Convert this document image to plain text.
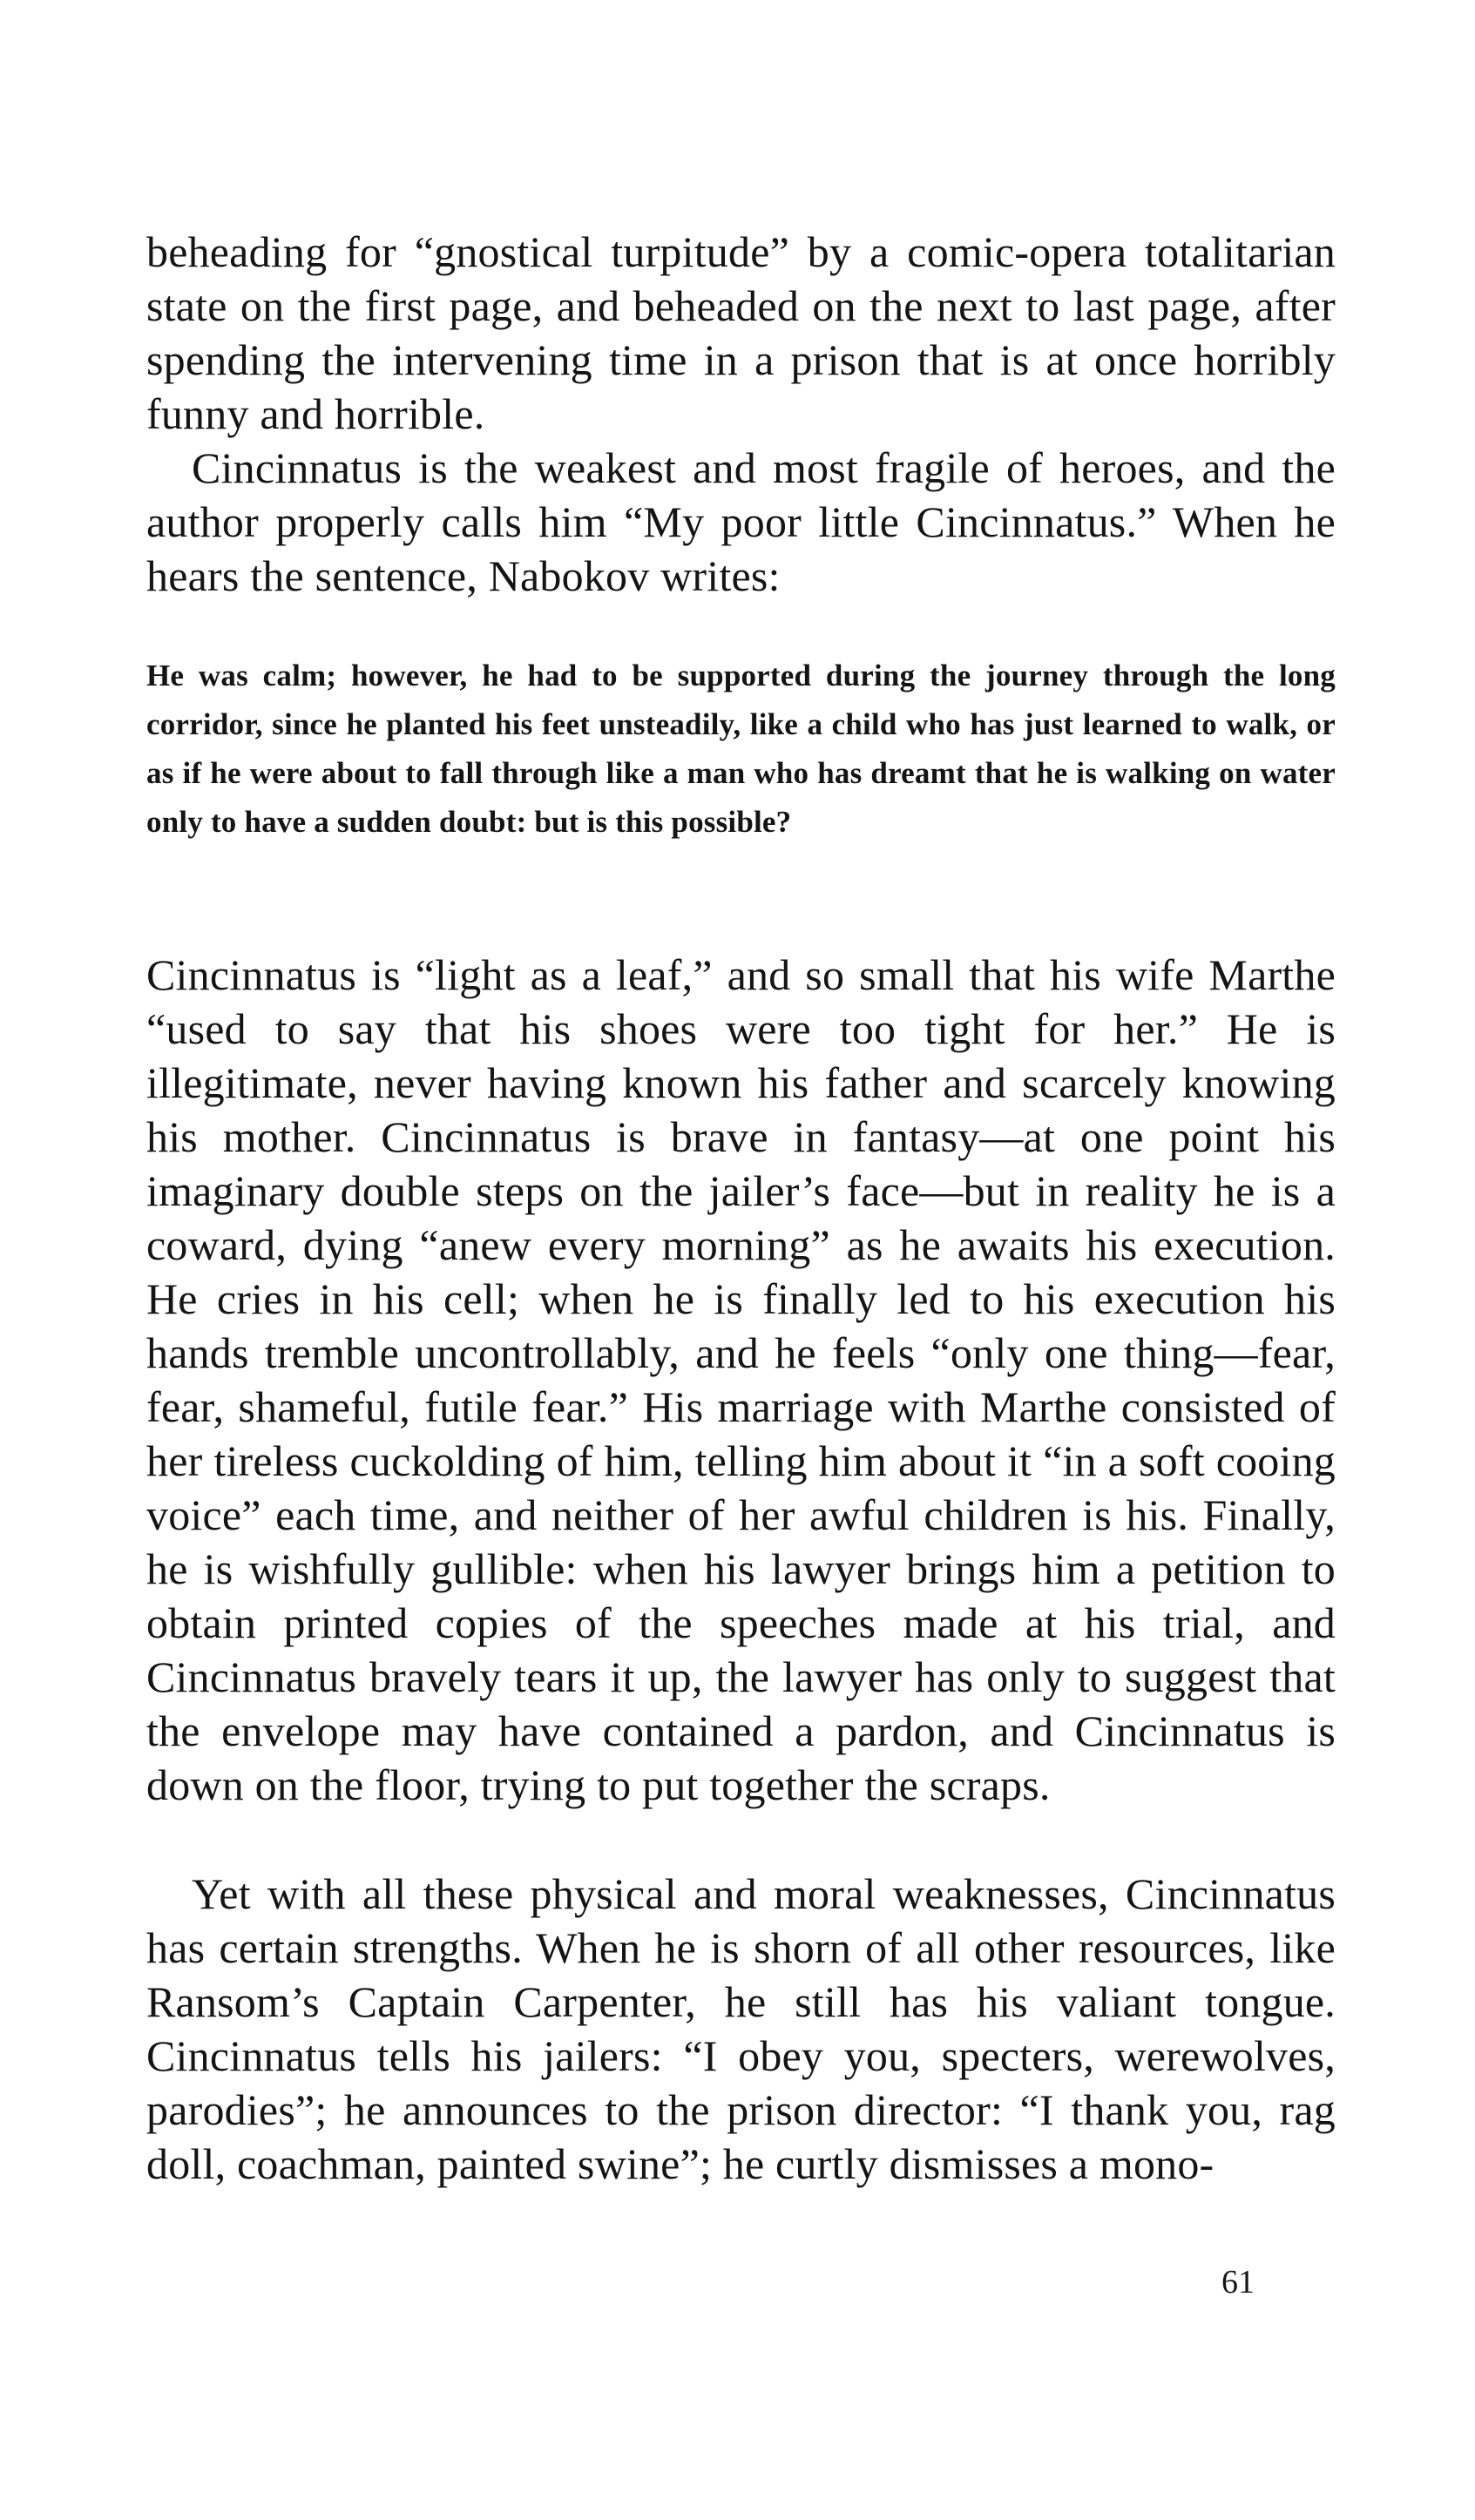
beheading for “gnostical turpitude” by a comic-opera totalitarian state on the first page, and beheaded on the next to last page, after spending the intervening time in a prison that is at once horribly funny and horrible.

Cincinnatus is the weakest and most fragile of heroes, and the author properly calls him “My poor little Cincinnatus.” When he hears the sentence, Nabokov writes:

He was calm; however, he had to be supported during the journey through the long corridor, since he planted his feet unsteadily, like a child who has just learned to walk, or as if he were about to fall through like a man who has dreamt that he is walking on water only to have a sudden doubt: but is this possible?

Cincinnatus is “light as a leaf,” and so small that his wife Marthe “used to say that his shoes were too tight for her.” He is illegitimate, never having known his father and scarcely knowing his mother. Cincinnatus is brave in fantasy—at one point his imaginary double steps on the jailer’s face—but in reality he is a coward, dying “anew every morning” as he awaits his execution. He cries in his cell; when he is finally led to his execution his hands tremble uncontrollably, and he feels “only one thing—fear, fear, shameful, futile fear.” His marriage with Marthe consisted of her tireless cuckolding of him, telling him about it “in a soft cooing voice” each time, and neither of her awful children is his. Finally, he is wishfully gullible: when his lawyer brings him a petition to obtain printed copies of the speeches made at his trial, and Cincinnatus bravely tears it up, the lawyer has only to suggest that the envelope may have contained a pardon, and Cincinnatus is down on the floor, trying to put together the scraps.

Yet with all these physical and moral weaknesses, Cincinnatus has certain strengths. When he is shorn of all other resources, like Ransom’s Captain Carpenter, he still has his valiant tongue. Cincinnatus tells his jailers: “I obey you, specters, werewolves, parodies”; he announces to the prison director: “I thank you, rag doll, coachman, painted swine”; he curtly dismisses a mono-

61
